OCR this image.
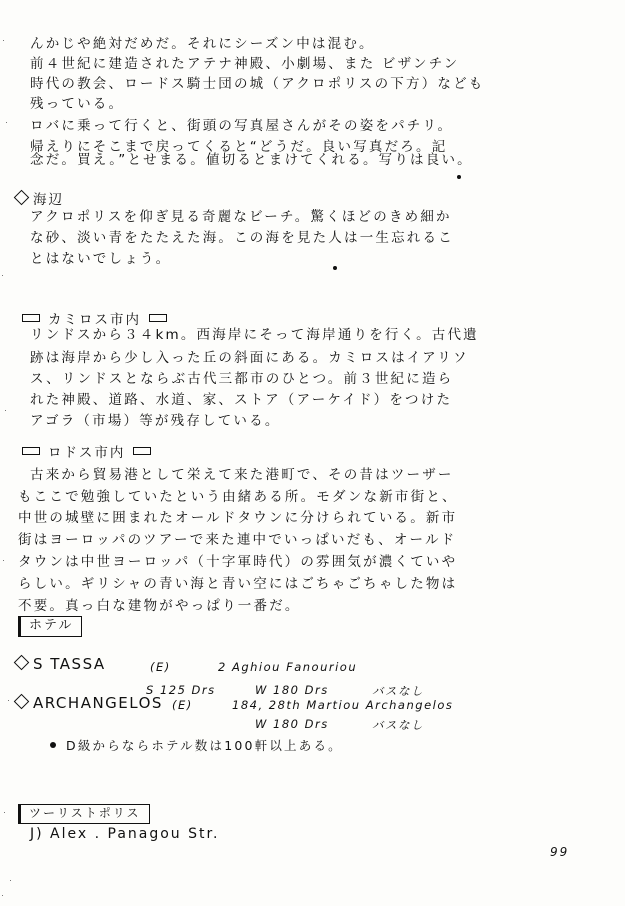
んかじや絶対だめだ。それにシーズン中は混む。
前４世紀に建造されたアテナ神殿、小劇場、また ビザンチン
時代の教会、ロードス騎士団の城（アクロポリスの下方）なども
残っている。
ロバに乗って行くと、街頭の写真屋さんがその姿をパチリ。
帰えりにそこまで戻ってくると“どうだ。良い写真だろ。記
海辺
アクロポリスを仰ぎ見る奇麗なビーチ。驚くほどのきめ細か
な砂、淡い青をたたえた海。この海を見た人は一生忘れるこ
とはないでしょう。
カミロス市内
リンドスから３４km。西海岸にそって海岸通りを行く。古代遺
跡は海岸から少し入った丘の斜面にある。カミロスはイアリソ
ス、リンドスとならぶ古代三都市のひとつ。前３世紀に造ら
れた神殿、道路、水道、家、ストア（アーケイド）をつけた
アゴラ（市場）等が残存している。
ロドス市内
古来から貿易港として栄えて来た港町で、その昔はツーザー
もここで勉強していたという由緒ある所。モダンな新市街と、
中世の城壁に囲まれたオールドタウンに分けられている。新市
街はヨーロッパのツアーで来た連中でいっぱいだも、オールド
タウンは中世ヨーロッパ（十字軍時代）の雰囲気が濃くていや
らしい。ギリシャの青い海と青い空にはごちゃごちゃした物は
不要。真っ白な建物がやっぱり一番だ。
ホテル
S TASSA	(E)	2 Aghiou Fanouriou
S 125 Drs	W 180 Drs	バスなし
ARCHANGELOS (E)	184, 28th Martiou Archangelos
W 180 Drs	バスなし
D級からならホテル数は100軒以上ある。
ツーリストポリス
J) Alex . Panagou Str.
99
念だ。買え。”とせまる。値切るとまけてくれる。写りは良い。
